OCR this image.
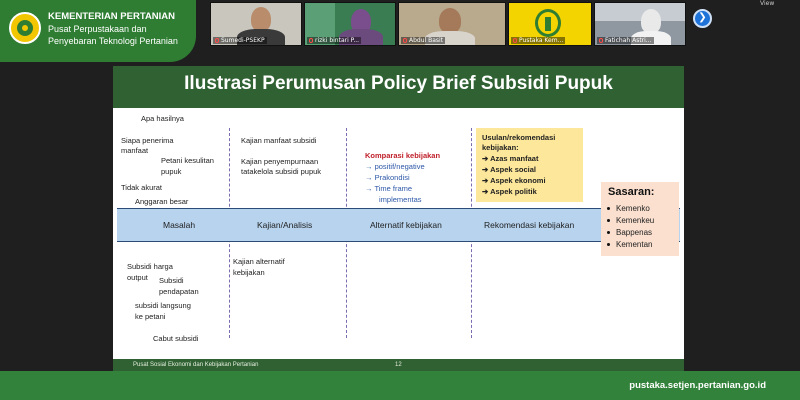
Sumedi-PSEKP	rizki bintari P...	Abdul Basit	Pustaka Kem...	Fatichah Astri...
❯
View
KEMENTERIAN PERTANIAN
Pusat Perpustakaan dan
Penyebaran Teknologi Pertanian
Ilustrasi Perumusan Policy Brief Subsidi Pupuk
Apa hasilnya
Siapa penerima
manfaat
Petani kesulitan
pupuk
Tidak akurat
Anggaran besar
Kajian manfaat subsidi
Kajian penyempurnaan
tatakelola subsidi pupuk
Komparasi kebijakan
→ positif/negative
→ Prakondisi
→ Time frame
implementas
Usulan/rekomendasi
kebijakan:
➔ Azas manfaat
➔ Aspek social
➔ Aspek ekonomi
➔ Aspek politik
Masalah	Kajian/Analisis	Alternatif kebijakan	Rekomendasi kebijakan
Sasaran:
Kemenko
Kemenkeu
Bappenas
Kementan
Subsidi harga
output Subsidi
pendapatan
subsidi langsung
ke petani
Cabut subsidi
Kajian alternatif
kebijakan
Pusat Sosial Ekonomi dan Kebijakan Pertanian	12
pustaka.setjen.pertanian.go.id
